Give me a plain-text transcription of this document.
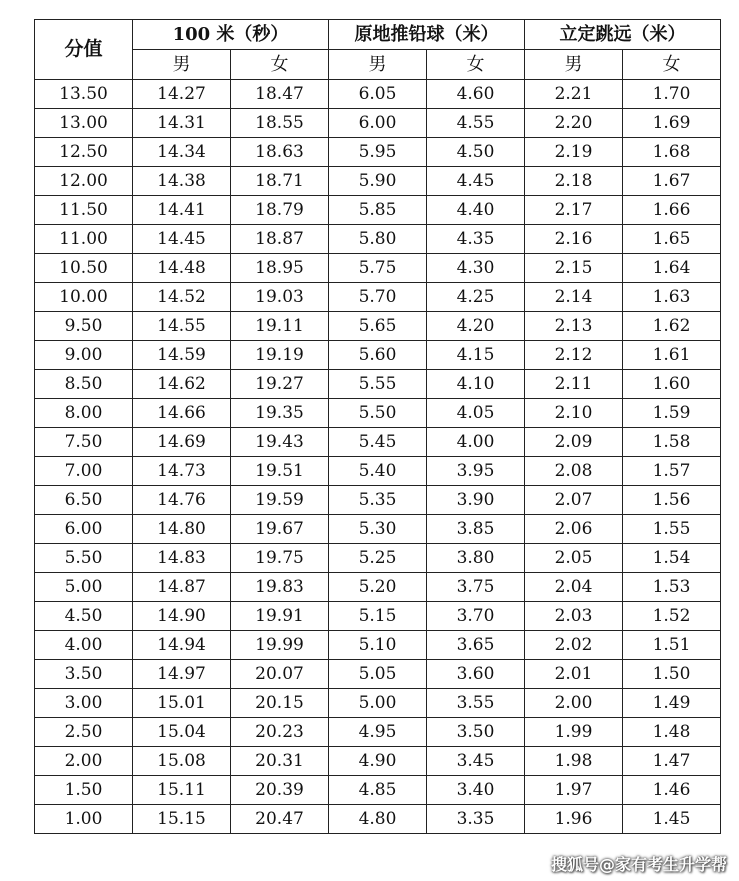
分值	100 米（秒）		原地推铅球（米）		立定跳远（米）	
	男	女	男	女	男	女
13.50	14.27	18.47	6.05	4.60	2.21	1.70
13.00	14.31	18.55	6.00	4.55	2.20	1.69
12.50	14.34	18.63	5.95	4.50	2.19	1.68
12.00	14.38	18.71	5.90	4.45	2.18	1.67
11.50	14.41	18.79	5.85	4.40	2.17	1.66
11.00	14.45	18.87	5.80	4.35	2.16	1.65
10.50	14.48	18.95	5.75	4.30	2.15	1.64
10.00	14.52	19.03	5.70	4.25	2.14	1.63
9.50	14.55	19.11	5.65	4.20	2.13	1.62
9.00	14.59	19.19	5.60	4.15	2.12	1.61
8.50	14.62	19.27	5.55	4.10	2.11	1.60
8.00	14.66	19.35	5.50	4.05	2.10	1.59
7.50	14.69	19.43	5.45	4.00	2.09	1.58
7.00	14.73	19.51	5.40	3.95	2.08	1.57
6.50	14.76	19.59	5.35	3.90	2.07	1.56
6.00	14.80	19.67	5.30	3.85	2.06	1.55
5.50	14.83	19.75	5.25	3.80	2.05	1.54
5.00	14.87	19.83	5.20	3.75	2.04	1.53
4.50	14.90	19.91	5.15	3.70	2.03	1.52
4.00	14.94	19.99	5.10	3.65	2.02	1.51
3.50	14.97	20.07	5.05	3.60	2.01	1.50
3.00	15.01	20.15	5.00	3.55	2.00	1.49
2.50	15.04	20.23	4.95	3.50	1.99	1.48
2.00	15.08	20.31	4.90	3.45	1.98	1.47
1.50	15.11	20.39	4.85	3.40	1.97	1.46
1.00	15.15	20.47	4.80	3.35	1.96	1.45
搜狐号@家有考生升学帮
